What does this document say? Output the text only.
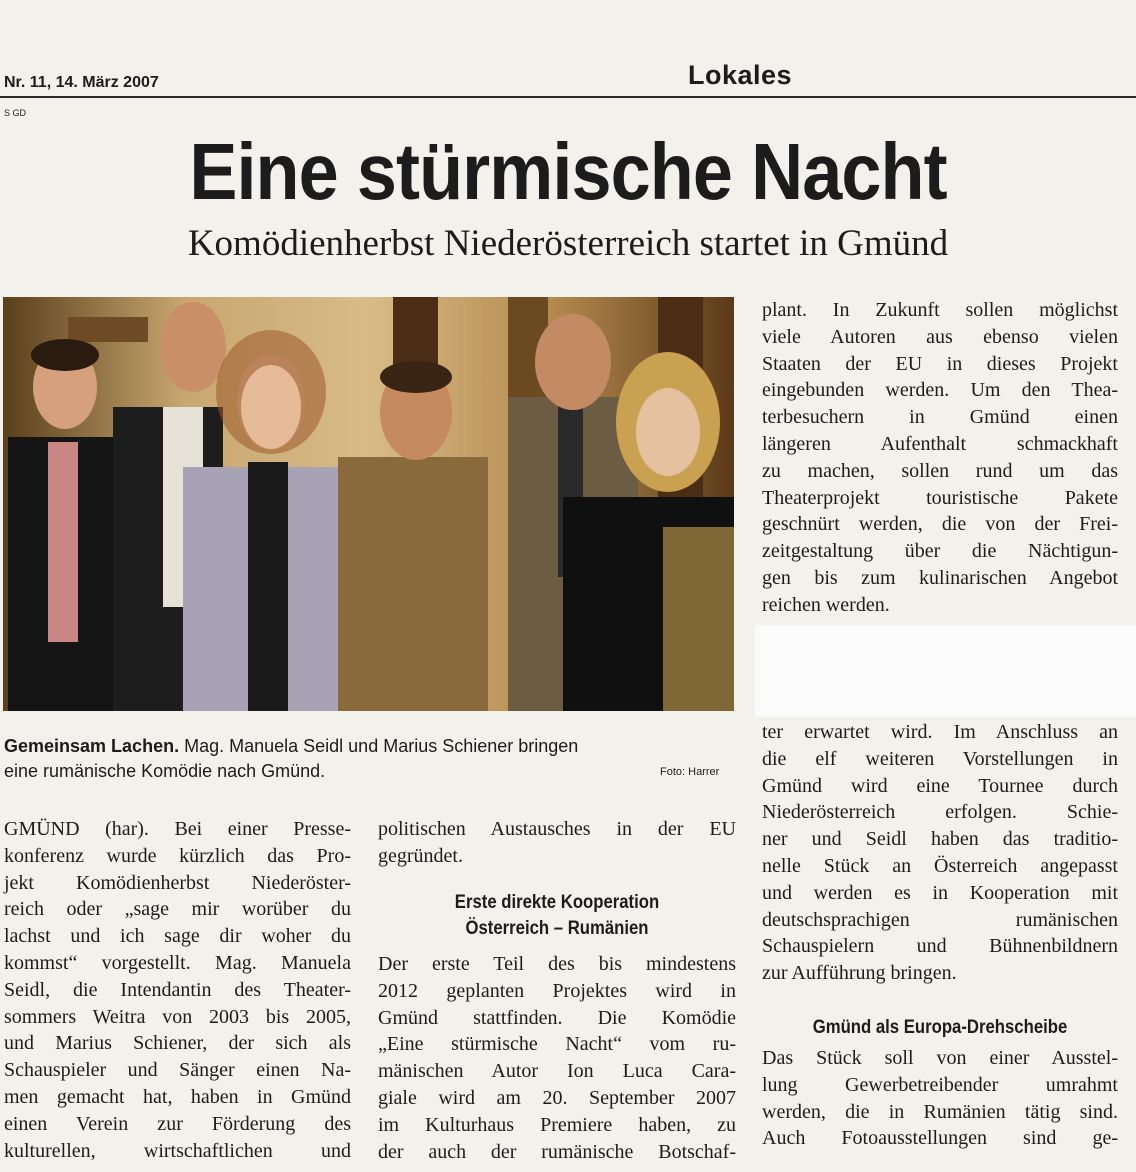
Nr. 11, 14. März 2007	Lokales
S GD
Eine stürmische Nacht
Komödienherbst Niederösterreich startet in Gmünd
Gemeinsam Lachen. Mag. Manuela Seidl und Marius Schiener bringen
eine rumänische Komödie nach Gmünd.	Foto: Harrer
plant. In Zukunft sollen möglichst
viele Autoren aus ebenso vielen
Staaten der EU in dieses Projekt
eingebunden werden. Um den Thea-
terbesuchern in Gmünd einen
längeren Aufenthalt schmackhaft
zu machen, sollen rund um das
Theaterprojekt touristische Pakete
geschnürt werden, die von der Frei-
zeitgestaltung über die Nächtigun-
gen bis zum kulinarischen Angebot
reichen werden.
GMÜND (har). Bei einer Presse-
konferenz wurde kürzlich das Pro-
jekt Komödienherbst Niederöster-
reich oder „sage mir worüber du
lachst und ich sage dir woher du
kommst“ vorgestellt. Mag. Manuela
Seidl, die Intendantin des Theater-
sommers Weitra von 2003 bis 2005,
und Marius Schiener, der sich als
Schauspieler und Sänger einen Na-
men gemacht hat, haben in Gmünd
einen Verein zur Förderung des
kulturellen, wirtschaftlichen und
politischen Austausches in der EU
gegründet.
Erste direkte Kooperation
Österreich – Rumänien
Der erste Teil des bis mindestens
2012 geplanten Projektes wird in
Gmünd stattfinden. Die Komödie
„Eine stürmische Nacht“ vom ru-
mänischen Autor Ion Luca Cara-
giale wird am 20. September 2007
im Kulturhaus Premiere haben, zu
der auch der rumänische Botschaf-
ter erwartet wird. Im Anschluss an
die elf weiteren Vorstellungen in
Gmünd wird eine Tournee durch
Niederösterreich erfolgen. Schie-
ner und Seidl haben das traditio-
nelle Stück an Österreich angepasst
und werden es in Kooperation mit
deutschsprachigen rumänischen
Schauspielern und Bühnenbildnern
zur Aufführung bringen.
Gmünd als Europa-Drehscheibe
Das Stück soll von einer Ausstel-
lung Gewerbetreibender umrahmt
werden, die in Rumänien tätig sind.
Auch Fotoausstellungen sind ge-
